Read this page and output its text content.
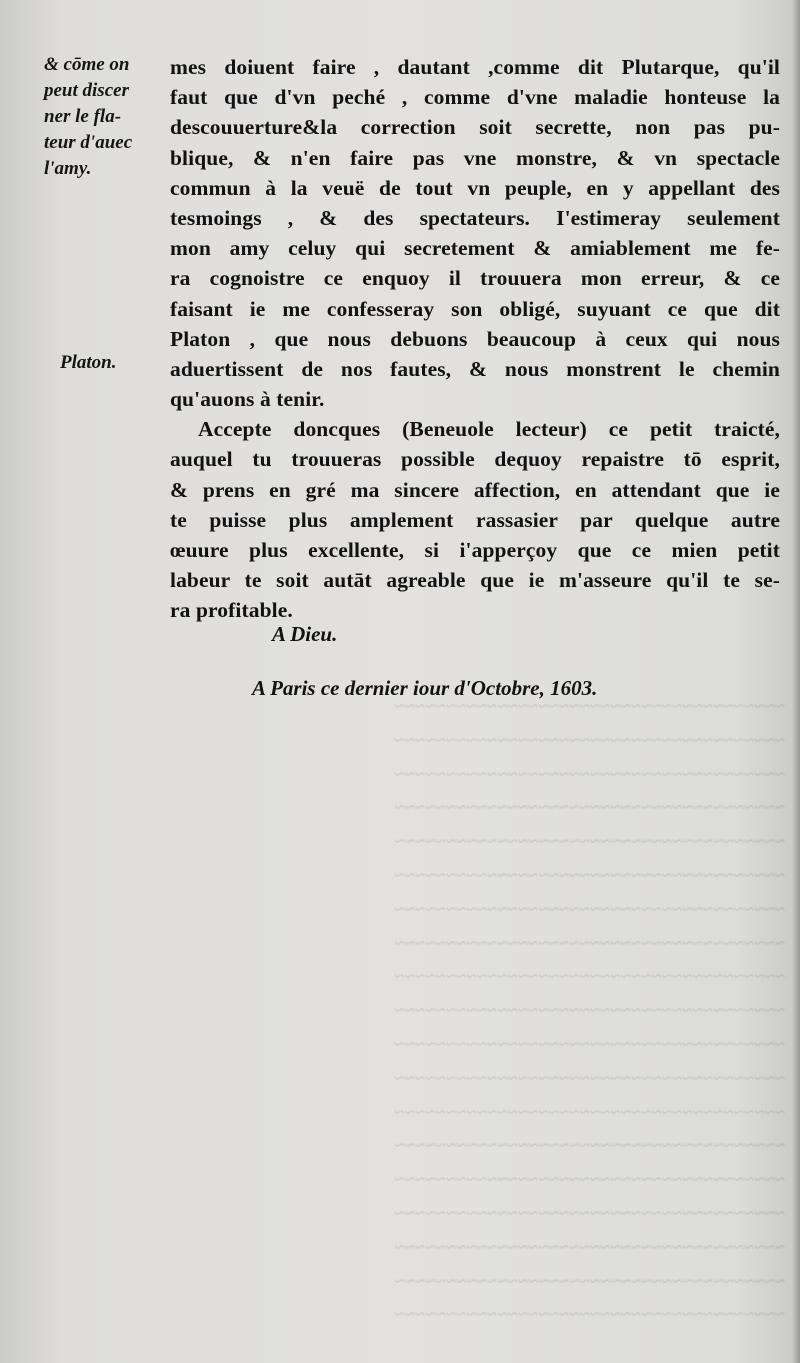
~~~~~~~~~~~~~~~~~~~~~~~~~~~~~~~~~~~~~~
~~~~~~~~~~~~~~~~~~~~~~~~~~~~~~~~~~~~~~
~~~~~~~~~~~~~~~~~~~~~~~~~~~~~~~~~~~~~~
~~~~~~~~~~~~~~~~~~~~~~~~~~~~~~~~~~~~~~
~~~~~~~~~~~~~~~~~~~~~~~~~~~~~~~~~~~~~~
~~~~~~~~~~~~~~~~~~~~~~~~~~~~~~~~~~~~~~
~~~~~~~~~~~~~~~~~~~~~~~~~~~~~~~~~~~~~~
~~~~~~~~~~~~~~~~~~~~~~~~~~~~~~~~~~~~~~
~~~~~~~~~~~~~~~~~~~~~~~~~~~~~~~~~~~~~~
~~~~~~~~~~~~~~~~~~~~~~~~~~~~~~~~~~~~~~
~~~~~~~~~~~~~~~~~~~~~~~~~~~~~~~~~~~~~~
~~~~~~~~~~~~~~~~~~~~~~~~~~~~~~~~~~~~~~
~~~~~~~~~~~~~~~~~~~~~~~~~~~~~~~~~~~~~~
~~~~~~~~~~~~~~~~~~~~~~~~~~~~~~~~~~~~~~
~~~~~~~~~~~~~~~~~~~~~~~~~~~~~~~~~~~~~~
~~~~~~~~~~~~~~~~~~~~~~~~~~~~~~~~~~~~~~
~~~~~~~~~~~~~~~~~~~~~~~~~~~~~~~~~~~~~~
~~~~~~~~~~~~~~~~~~~~~~~~~~~~~~~~~~~~~~
~~~~~~~~~~~~~~~~~~~~~~~~~~~~~~~~~~~~~~
& cōme on
peut discer
ner le fla-
teur d'auec
l'amy.
Platon.
mes doiuent faire , dautant ,comme dit Plutarque, qu'il
faut que d'vn peché , comme d'vne maladie honteuse la
descouuerture&la correction soit secrette, non pas pu-
blique, & n'en faire pas vne monstre, & vn spectacle
commun à la veuë de tout vn peuple, en y appellant des
tesmoings , & des spectateurs. I'estimeray seulement
mon amy celuy qui secretement & amiablement me fe-
ra cognoistre ce enquoy il trouuera mon erreur, & ce
faisant ie me confesseray son obligé, suyuant ce que dit
Platon , que nous debuons beaucoup à ceux qui nous
aduertissent de nos fautes, & nous monstrent le chemin
qu'auons à tenir.
Accepte doncques (Beneuole lecteur) ce petit traicté,
auquel tu trouueras possible dequoy repaistre tō esprit,
& prens en gré ma sincere affection, en attendant que ie
te puisse plus amplement rassasier par quelque autre
œuure plus excellente, si i'apperçoy que ce mien petit
labeur te soit autāt agreable que ie m'asseure qu'il te se-
ra profitable.
A Dieu.
A Paris ce dernier iour d'Octobre, 1603.
